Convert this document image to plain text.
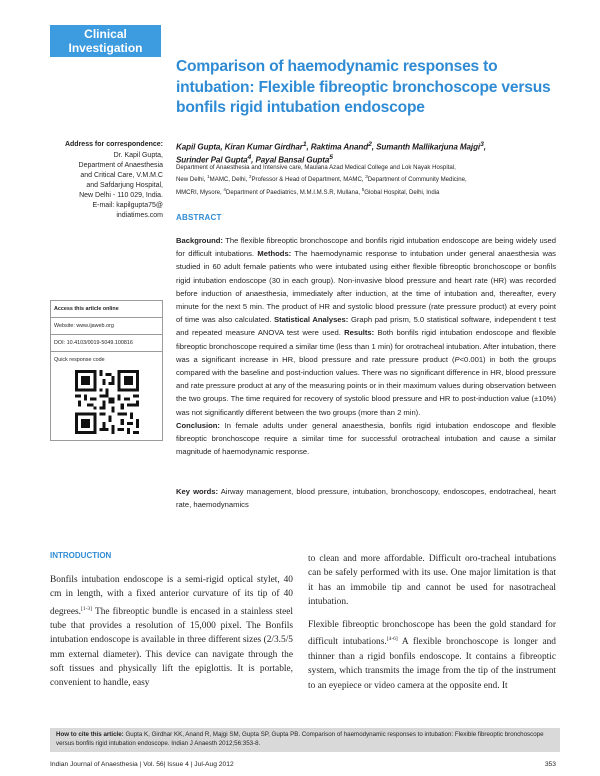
Clinical
Investigation
Comparison of haemodynamic responses to intubation: Flexible fibreoptic bronchoscope versus bonfils rigid intubation endoscope
Address for correspondence:
Dr. Kapil Gupta,
Department of Anaesthesia
and Critical Care, V.M.M.C
and Safdarjung Hospital,
New Delhi - 110 029, India.
E-mail: kapilgupta75@
indiatimes.com
Kapil Gupta, Kiran Kumar Girdhar$^1$, Raktima Anand$^2$, Sumanth Mallikarjuna Majgi$^3$,
Surinder Pal Gupta$^4$, Payal Bansal Gupta$^5$
Department of Anaesthesia and Intensive care, Maulana Azad Medical College and Lok Nayak Hospital,
New Delhi, $^1$MAMC, Delhi, $^2$Professor & Head of Department, MAMC, $^3$Department of Community Medicine,
MMCRI, Mysore, $^4$Department of Paediatrics, M.M.I.M.S.R, Mullana, $^5$Global Hospital, Delhi, India
ABSTRACT
Background: The flexible fibreoptic bronchoscope and bonfils rigid intubation endoscope are being widely used for difficult intubations. Methods: The haemodynamic response to intubation under general anaesthesia was studied in 60 adult female patients who were intubated using either flexible fibreoptic bronchoscope or bonfils rigid intubation endoscope (30 in each group). Non-invasive blood pressure and heart rate (HR) was recorded before induction of anaesthesia, immediately after induction, at the time of intubation and, thereafter, every minute for the next 5 min. The product of HR and systolic blood pressure (rate pressure product) at every point of time was also calculated. Statistical Analyses: Graph pad prism, 5.0 statistical software, independent t test and repeated measure ANOVA test were used. Results: Both bonfils rigid intubation endoscope and flexible fibreoptic bronchoscope required a similar time (less than 1 min) for orotracheal intubation. After intubation, there was a significant increase in HR, blood pressure and rate pressure product (P<0.001) in both the groups compared with the baseline and post-induction values. There was no significant difference in HR, blood pressure and rate pressure product at any of the measuring points or in their maximum values during observation between the two groups. The time required for recovery of systolic blood pressure and HR to post-induction value (±10%) was not significantly different between the two groups (more than 2 min).
Conclusion: In female adults under general anaesthesia, bonfils rigid intubation endoscope and flexible fibreoptic bronchoscope require a similar time for successful orotracheal intubation and cause a similar magnitude of haemodynamic response.
Key words: Airway management, blood pressure, intubation, bronchoscopy, endoscopes, endotracheal, heart rate, haemodynamics
Access this article online
Website: www.ijaweb.org
DOI: 10.4103/0019-5049.100816
Quick response code
INTRODUCTION

Bonfils intubation endoscope is a semi-rigid optical stylet, 40 cm in length, with a fixed anterior curvature of its tip of 40 degrees.[1-3] The fibreoptic bundle is encased in a stainless steel tube that provides a resolution of 15,000 pixel. The Bonfils intubation endoscope is available in three different sizes (2/3.5/5 mm external diameter). This device can navigate through the soft tissues and physically lift the epiglottis. It is portable, convenient to handle, easy

to clean and more affordable. Difficult oro-tracheal intubations can be safely performed with its use. One major limitation is that it has an immobile tip and cannot be used for nasotracheal intubation.

Flexible fibreoptic bronchoscope has been the gold standard for difficult intubations.[4-6] A flexible bronchoscope is longer and thinner than a rigid bonfils endoscope. It contains a fibreoptic system, which transmits the image from the tip of the instrument to an eyepiece or video camera at the opposite end. It

How to cite this article: Gupta K, Girdhar KK, Anand R, Majgi SM, Gupta SP, Gupta PB. Comparison of haemodynamic responses to intubation: Flexible fibreoptic bronchoscope versus bonfils rigid intubation endoscope. Indian J Anaesth 2012;56:353-8.
Indian Journal of Anaesthesia | Vol. 56| Issue 4 | Jul-Aug 2012	353
